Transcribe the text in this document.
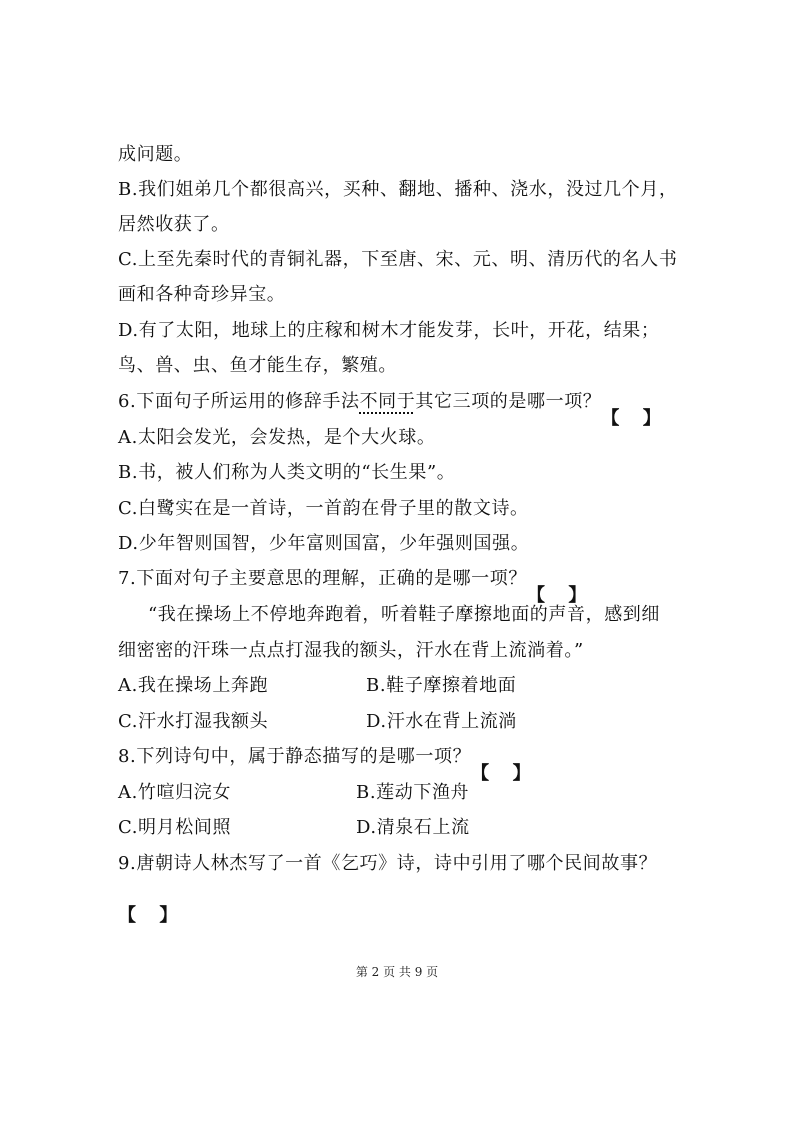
成问题。
B.我们姐弟几个都很高兴，买种、翻地、播种、浇水，没过几个月，
居然收获了。
C.上至先秦时代的青铜礼器，下至唐、宋、元、明、清历代的名人书
画和各种奇珍异宝。
D.有了太阳，地球上的庄稼和树木才能发芽，长叶，开花，结果；
鸟、兽、虫、鱼才能生存，繁殖。
6.下面句子所运用的修辞手法不同于其它三项的是哪一项？
A.太阳会发光，会发热，是个大火球。
B.书，被人们称为人类文明的“长生果”。
C.白鹭实在是一首诗，一首韵在骨子里的散文诗。
D.少年智则国智，少年富则国富，少年强则国强。
7.下面对句子主要意思的理解，正确的是哪一项？
“我在操场上不停地奔跑着，听着鞋子摩擦地面的声音，感到细
细密密的汗珠一点点打湿我的额头，汗水在背上流淌着。”
A.我在操场上奔跑	B.鞋子摩擦着地面
C.汗水打湿我额头	D.汗水在背上流淌
8.下列诗句中，属于静态描写的是哪一项？
A.竹喧归浣女	B.莲动下渔舟
C.明月松间照	D.清泉石上流
9.唐朝诗人林杰写了一首《乞巧》诗，诗中引用了哪个民间故事？
第 2 页 共 9 页
